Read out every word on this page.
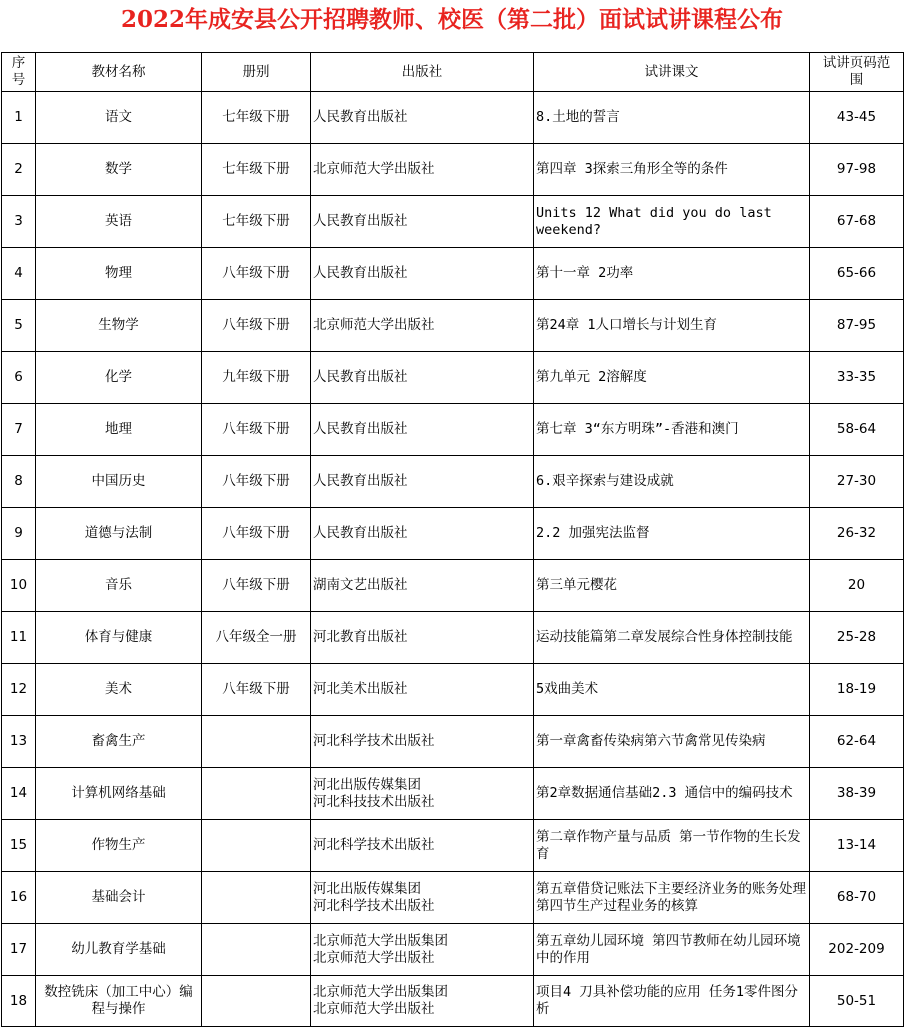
2022年成安县公开招聘教师、校医（第二批）面试试讲课程公布
序号	教材名称	册别	出版社	试讲课文	试讲页码范围
1	语文	七年级下册	人民教育出版社	8.土地的誓言	43-45
2	数学	七年级下册	北京师范大学出版社	第四章 3探索三角形全等的条件	97-98
3	英语	七年级下册	人民教育出版社	Units 12 What did you do last weekend?	67-68
4	物理	八年级下册	人民教育出版社	第十一章 2功率	65-66
5	生物学	八年级下册	北京师范大学出版社	第24章 1人口增长与计划生育	87-95
6	化学	九年级下册	人民教育出版社	第九单元 2溶解度	33-35
7	地理	八年级下册	人民教育出版社	第七章 3“东方明珠”-香港和澳门	58-64
8	中国历史	八年级下册	人民教育出版社	6.艰辛探索与建设成就	27-30
9	道德与法制	八年级下册	人民教育出版社	2.2 加强宪法监督	26-32
10	音乐	八年级下册	湖南文艺出版社	第三单元樱花	20
11	体育与健康	八年级全一册	河北教育出版社	运动技能篇第二章发展综合性身体控制技能	25-28
12	美术	八年级下册	河北美术出版社	5戏曲美术	18-19
13	畜禽生产		河北科学技术出版社	第一章禽畜传染病第六节禽常见传染病	62-64
14	计算机网络基础		河北出版传媒集团
河北科技技术出版社	第2章数据通信基础2.3 通信中的编码技术	38-39
15	作物生产		河北科学技术出版社	第二章作物产量与品质 第一节作物的生长发育	13-14
16	基础会计		河北出版传媒集团
河北科学技术出版社	第五章借贷记账法下主要经济业务的账务处理 第四节生产过程业务的核算	68-70
17	幼儿教育学基础		北京师范大学出版集团
北京师范大学出版社	第五章幼儿园环境 第四节教师在幼儿园环境中的作用	202-209
18	数控铣床（加工中心）编程与操作		北京师范大学出版集团
北京师范大学出版社	项目4 刀具补偿功能的应用 任务1零件图分析	50-51
